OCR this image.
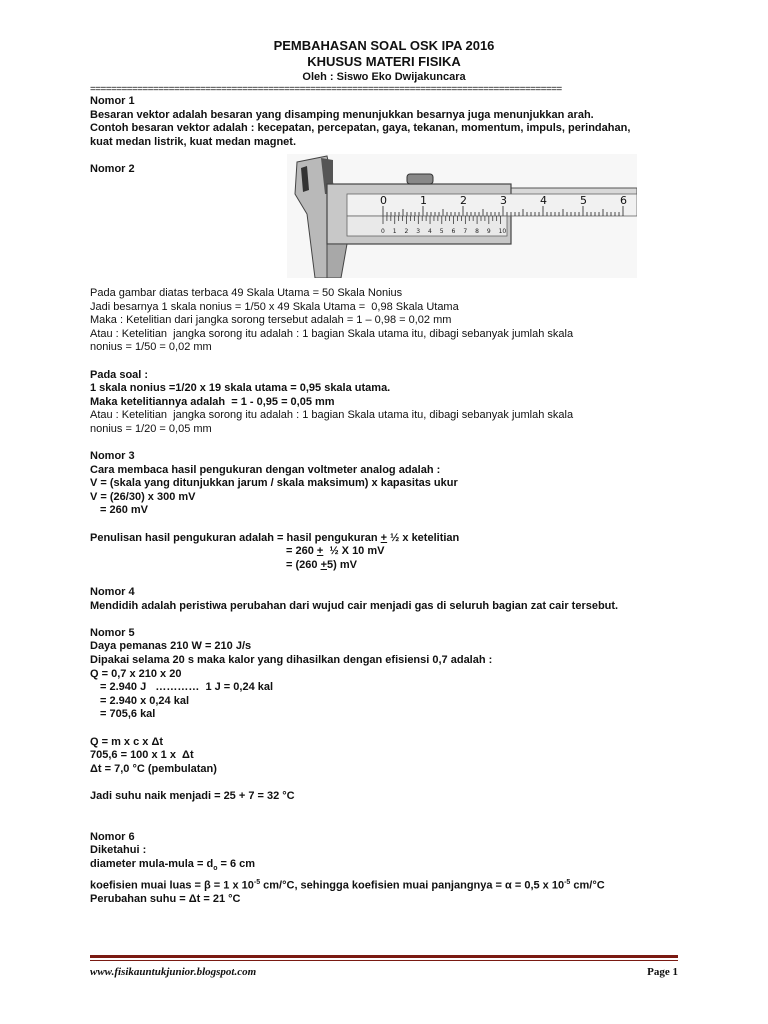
PEMBAHASAN SOAL OSK IPA 2016
KHUSUS MATERI FISIKA
Oleh : Siswo Eko Dwijakuncara
==========================================================================================
Nomor 1
Besaran vektor adalah besaran yang disamping menunjukkan besarnya juga menunjukkan arah.
Contoh besaran vektor adalah : kecepatan, percepatan, gaya, tekanan, momentum, impuls, perindahan,
kuat medan listrik, kuat medan magnet.
Nomor 2
0	1	2	3	4	5	6
0 1 2 3 4 5 6 7 8 9 10
Pada gambar diatas terbaca 49 Skala Utama = 50 Skala Nonius
Jadi besarnya 1 skala nonius = 1/50 x 49 Skala Utama =  0,98 Skala Utama
Maka : Ketelitian dari jangka sorong tersebut adalah = 1 – 0,98 = 0,02 mm
Atau : Ketelitian  jangka sorong itu adalah : 1 bagian Skala utama itu, dibagi sebanyak jumlah skala
nonius = 1/50 = 0,02 mm
Pada soal :
1 skala nonius =1/20 x 19 skala utama = 0,95 skala utama.
Maka ketelitiannya adalah  = 1 - 0,95 = 0,05 mm
Atau : Ketelitian  jangka sorong itu adalah : 1 bagian Skala utama itu, dibagi sebanyak jumlah skala
nonius = 1/20 = 0,05 mm
Nomor 3
Cara membaca hasil pengukuran dengan voltmeter analog adalah :
V = (skala yang ditunjukkan jarum / skala maksimum) x kapasitas ukur
V = (26/30) x 300 mV
= 260 mV
Penulisan hasil pengukuran adalah = hasil pengukuran + ½ x ketelitian
= 260 +  ½ X 10 mV
= (260 +5) mV
Nomor 4
Mendidih adalah peristiwa perubahan dari wujud cair menjadi gas di seluruh bagian zat cair tersebut.
Nomor 5
Daya pemanas 210 W = 210 J/s
Dipakai selama 20 s maka kalor yang dihasilkan dengan efisiensi 0,7 adalah :
Q = 0,7 x 210 x 20
= 2.940 J   …………  1 J = 0,24 kal
= 2.940 x 0,24 kal
= 705,6 kal
Q = m x c x Δt
705,6 = 100 x 1 x  Δt
Δt = 7,0 °C (pembulatan)
Jadi suhu naik menjadi = 25 + 7 = 32 °C
Nomor 6
Diketahui :
diameter mula-mula = $d_o = 6$ cm
koefisien muai luas = β = 1 x $10^{-5}$ cm/°C, sehingga koefisien muai panjangnya = α = 0,5 x $10^{-5}$ cm/°C
Perubahan suhu = Δt = 21 °C
www.fisikauntukjunior.blogspot.com	Page 1
